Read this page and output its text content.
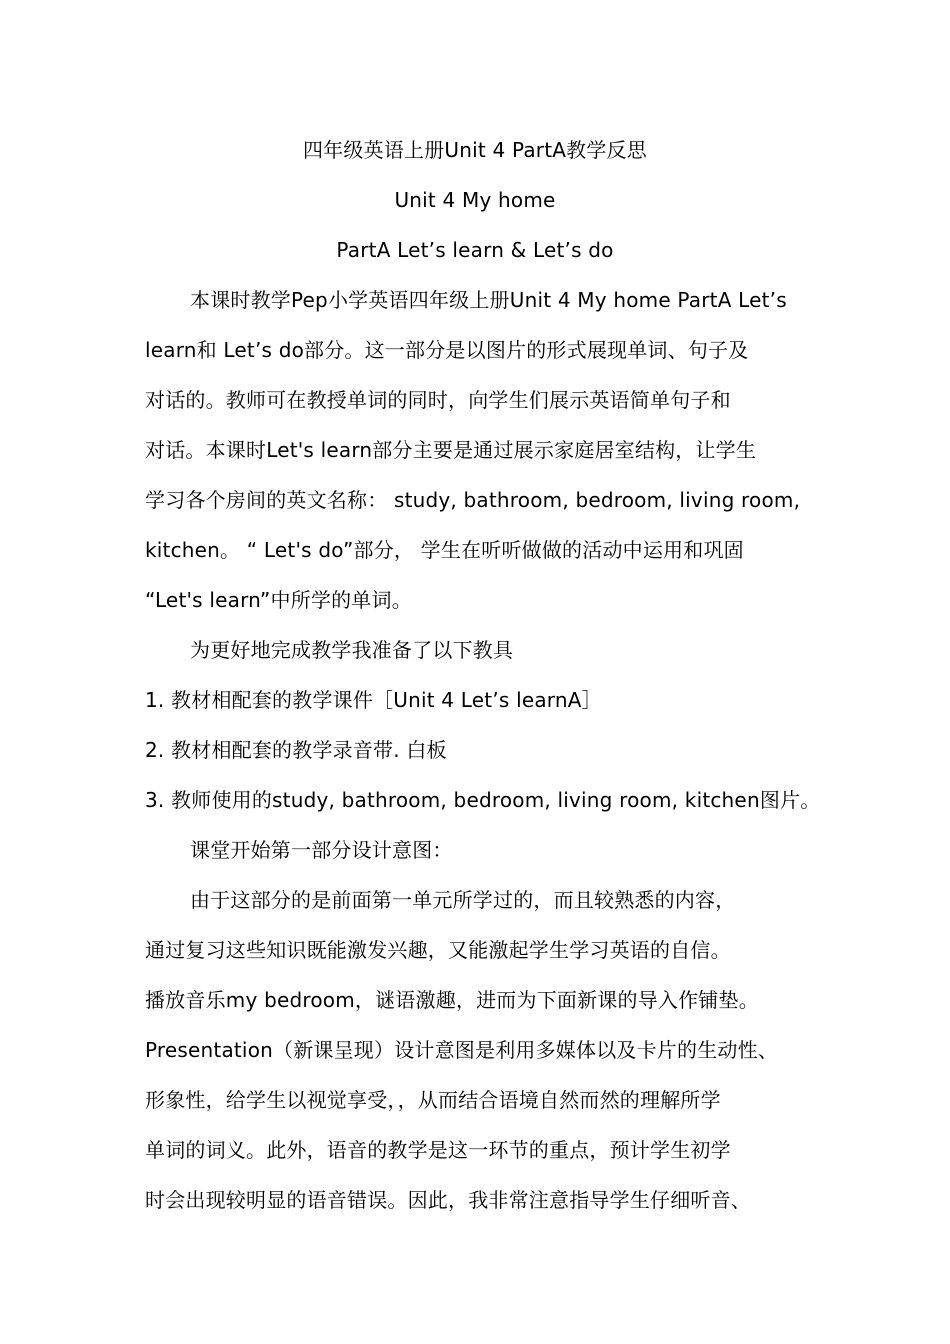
四年级英语上册Unit 4 PartA教学反思
Unit 4 My home
PartA Let’s learn & Let’s do
本课时教学Pep小学英语四年级上册Unit 4 My home PartA Let’s
learn和 Let’s do部分。这一部分是以图片的形式展现单词、句子及
对话的。教师可在教授单词的同时，向学生们展示英语简单句子和
对话。本课时Let's learn部分主要是通过展示家庭居室结构，让学生
学习各个房间的英文名称： study, bathroom, bedroom, living room,
kitchen。 “ Let's do”部分， 学生在听听做做的活动中运用和巩固
“Let's learn”中所学的单词。
为更好地完成教学我准备了以下教具
1. 教材相配套的教学课件［Unit 4 Let’s learnA］
2. 教材相配套的教学录音带. 白板
3. 教师使用的study, bathroom, bedroom, living room, kitchen图片。
课堂开始第一部分设计意图：
由于这部分的是前面第一单元所学过的，而且较熟悉的内容，
通过复习这些知识既能激发兴趣，又能激起学生学习英语的自信。
播放音乐my bedroom，谜语激趣，进而为下面新课的导入作铺垫。
Presentation（新课呈现）设计意图是利用多媒体以及卡片的生动性、
形象性，给学生以视觉享受，，从而结合语境自然而然的理解所学
单词的词义。此外，语音的教学是这一环节的重点，预计学生初学
时会出现较明显的语音错误。因此，我非常注意指导学生仔细听音、
